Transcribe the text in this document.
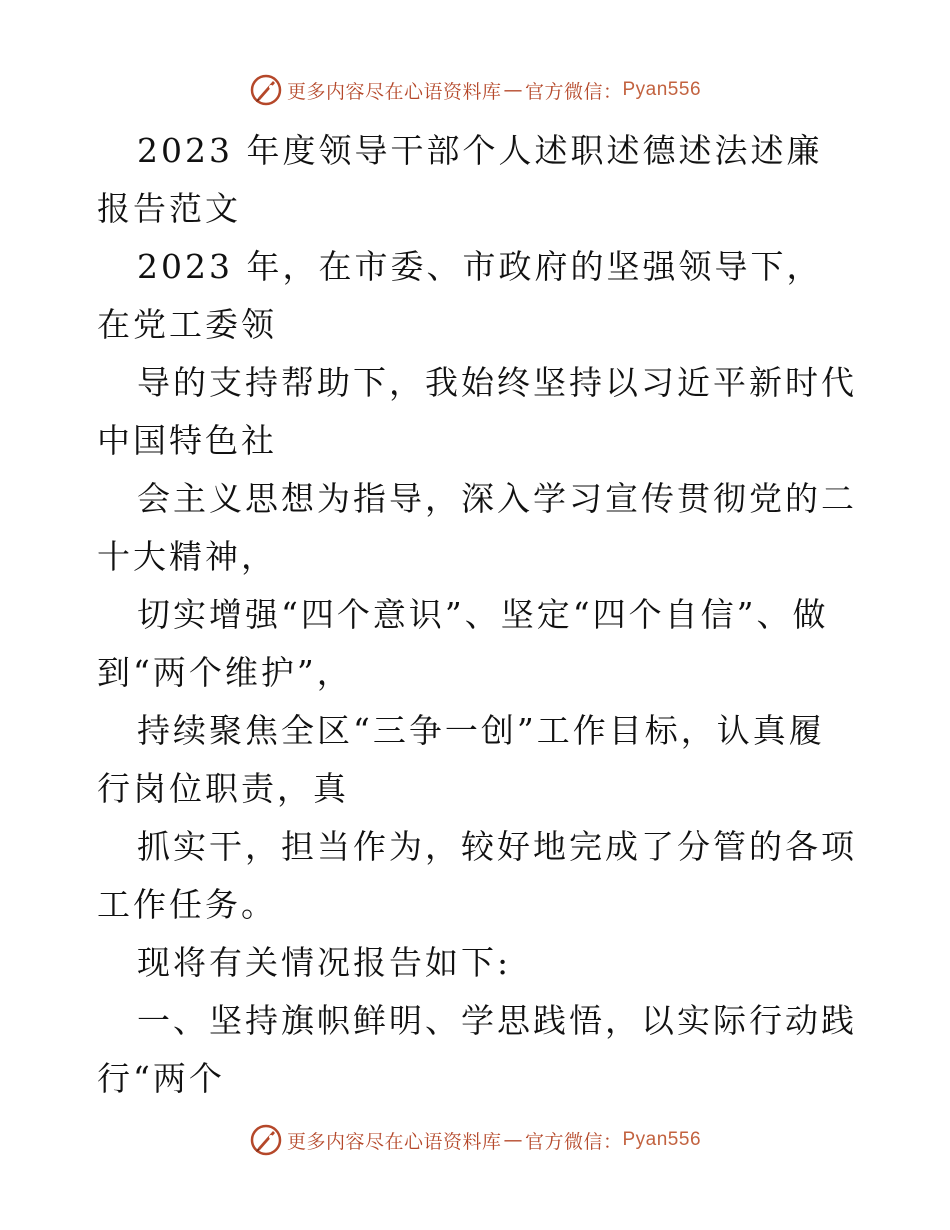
更多内容尽在心语资料库 — 官方微信： Pyan556

2023 年度领导干部个人述职述德述法述廉报告范文

2023 年，在市委、市政府的坚强领导下，在党工委领

导的支持帮助下，我始终坚持以习近平新时代中国特色社

会主义思想为指导，深入学习宣传贯彻党的二十大精神，

切实增强“四个意识”、坚定“四个自信”、做到“两个维护”，

持续聚焦全区“三争一创”工作目标，认真履行岗位职责，真

抓实干，担当作为，较好地完成了分管的各项工作任务。

现将有关情况报告如下:

一、坚持旗帜鲜明、学思践悟，以实际行动践行“两个

更多内容尽在心语资料库 — 官方微信： Pyan556
